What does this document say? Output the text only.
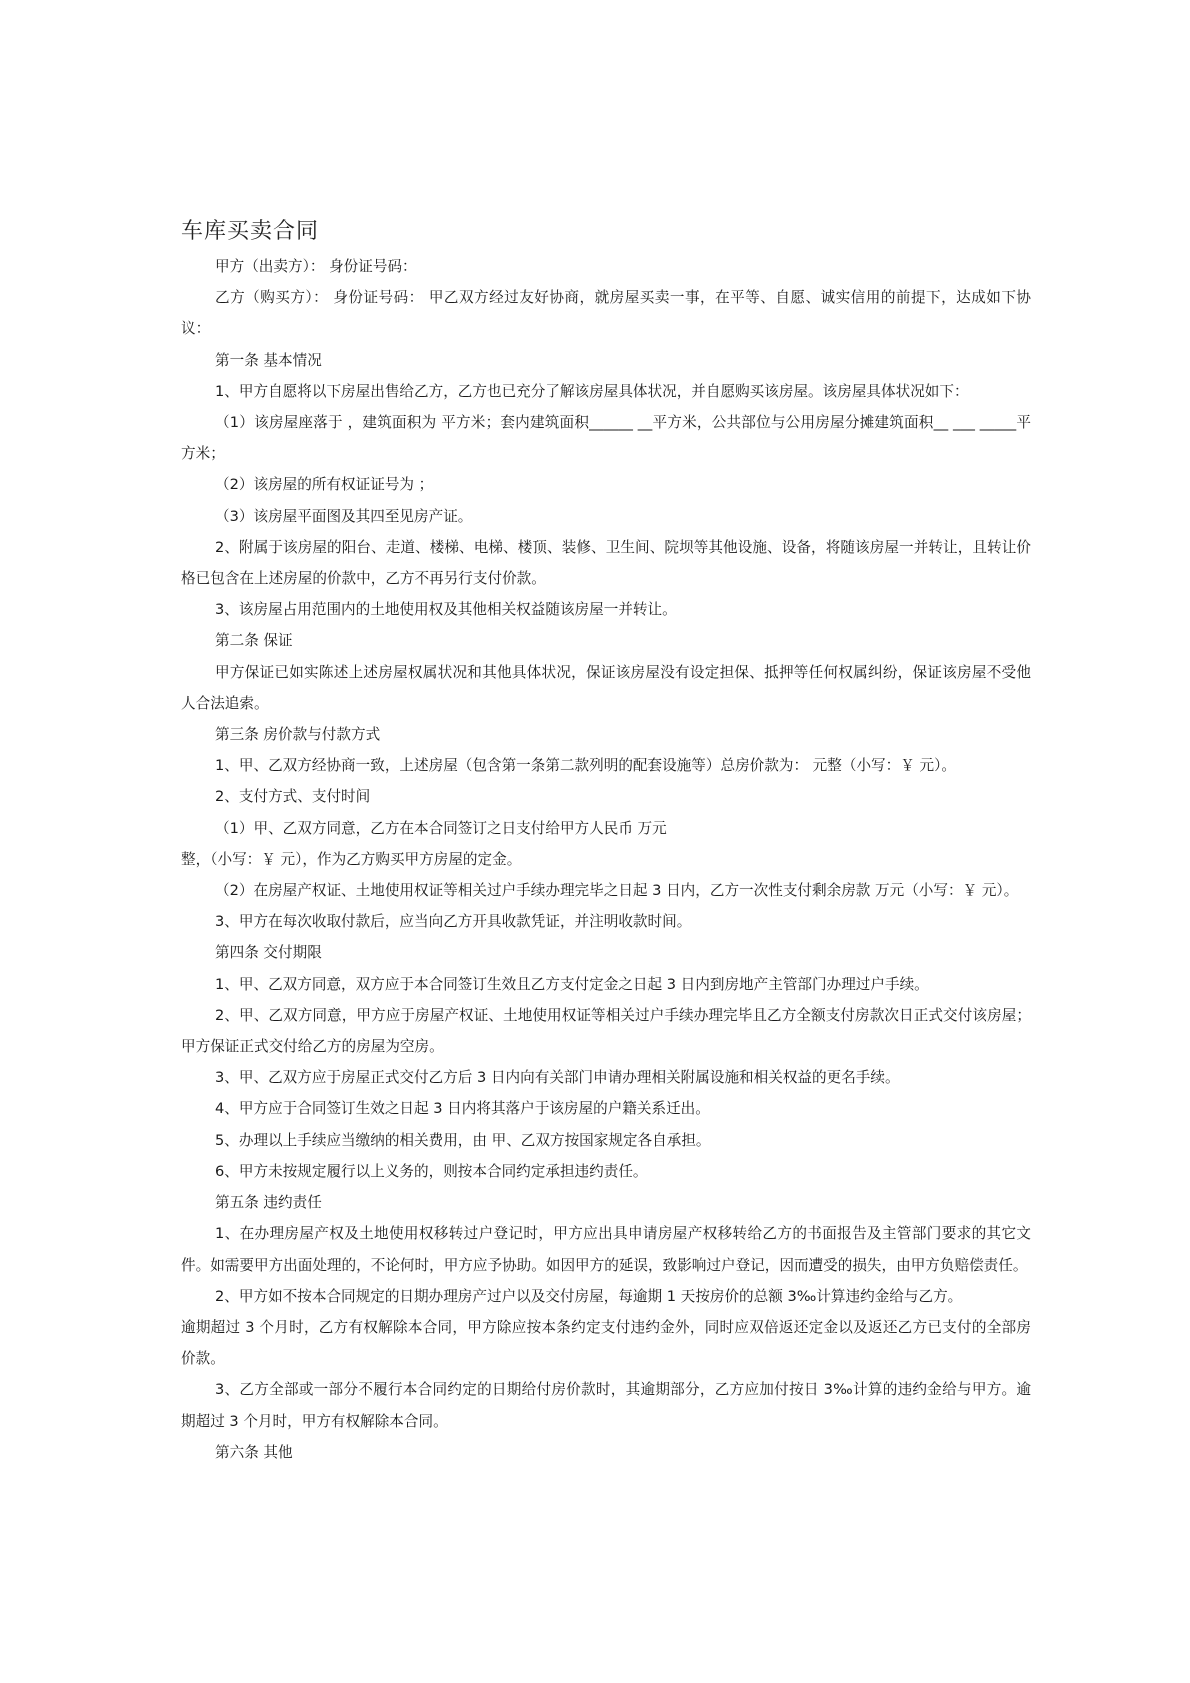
车库买卖合同

甲方（出卖方）： 身份证号码：

乙方（购买方）： 身份证号码： 甲乙双方经过友好协商，就房屋买卖一事，在平等、自愿、诚实信用的前提下，达成如下协议：

第一条 基本情况

1、甲方自愿将以下房屋出售给乙方，乙方也已充分了解该房屋具体状况，并自愿购买该房屋。该房屋具体状况如下：

（1）该房屋座落于 ，建筑面积为 平方米；套内建筑面积______ __平方米，公共部位与公用房屋分摊建筑面积__ ___ _____平方米；

（2）该房屋的所有权证证号为 ；

（3）该房屋平面图及其四至见房产证。

2、附属于该房屋的阳台、走道、楼梯、电梯、楼顶、装修、卫生间、院坝等其他设施、设备，将随该房屋一并转让，且转让价格已包含在上述房屋的价款中，乙方不再另行支付价款。

3、该房屋占用范围内的土地使用权及其他相关权益随该房屋一并转让。

第二条 保证

甲方保证已如实陈述上述房屋权属状况和其他具体状况，保证该房屋没有设定担保、抵押等任何权属纠纷，保证该房屋不受他人合法追索。

第三条 房价款与付款方式

1、甲、乙双方经协商一致，上述房屋（包含第一条第二款列明的配套设施等）总房价款为： 元整（小写：￥ 元）。

2、支付方式、支付时间

（1）甲、乙双方同意，乙方在本合同签订之日支付给甲方人民币 万元

整，（小写：￥ 元），作为乙方购买甲方房屋的定金。

（2）在房屋产权证、土地使用权证等相关过户手续办理完毕之日起 3 日内，乙方一次性支付剩余房款 万元（小写：￥ 元）。

3、甲方在每次收取付款后，应当向乙方开具收款凭证，并注明收款时间。

第四条 交付期限

1、甲、乙双方同意，双方应于本合同签订生效且乙方支付定金之日起 3 日内到房地产主管部门办理过户手续。

2、甲、乙双方同意，甲方应于房屋产权证、土地使用权证等相关过户手续办理完毕且乙方全额支付房款次日正式交付该房屋；甲方保证正式交付给乙方的房屋为空房。

3、甲、乙双方应于房屋正式交付乙方后 3 日内向有关部门申请办理相关附属设施和相关权益的更名手续。

4、甲方应于合同签订生效之日起 3 日内将其落户于该房屋的户籍关系迁出。

5、办理以上手续应当缴纳的相关费用，由 甲、乙双方按国家规定各自承担。

6、甲方未按规定履行以上义务的，则按本合同约定承担违约责任。

第五条 违约责任

1、在办理房屋产权及土地使用权移转过户登记时，甲方应出具申请房屋产权移转给乙方的书面报告及主管部门要求的其它文件。如需要甲方出面处理的，不论何时，甲方应予协助。如因甲方的延误，致影响过户登记，因而遭受的损失，由甲方负赔偿责任。

2、甲方如不按本合同规定的日期办理房产过户以及交付房屋，每逾期 1 天按房价的总额 3‰计算违约金给与乙方。

逾期超过 3 个月时，乙方有权解除本合同，甲方除应按本条约定支付违约金外，同时应双倍返还定金以及返还乙方已支付的全部房价款。

3、乙方全部或一部分不履行本合同约定的日期给付房价款时，其逾期部分，乙方应加付按日 3‰计算的违约金给与甲方。逾期超过 3 个月时，甲方有权解除本合同。

第六条 其他
